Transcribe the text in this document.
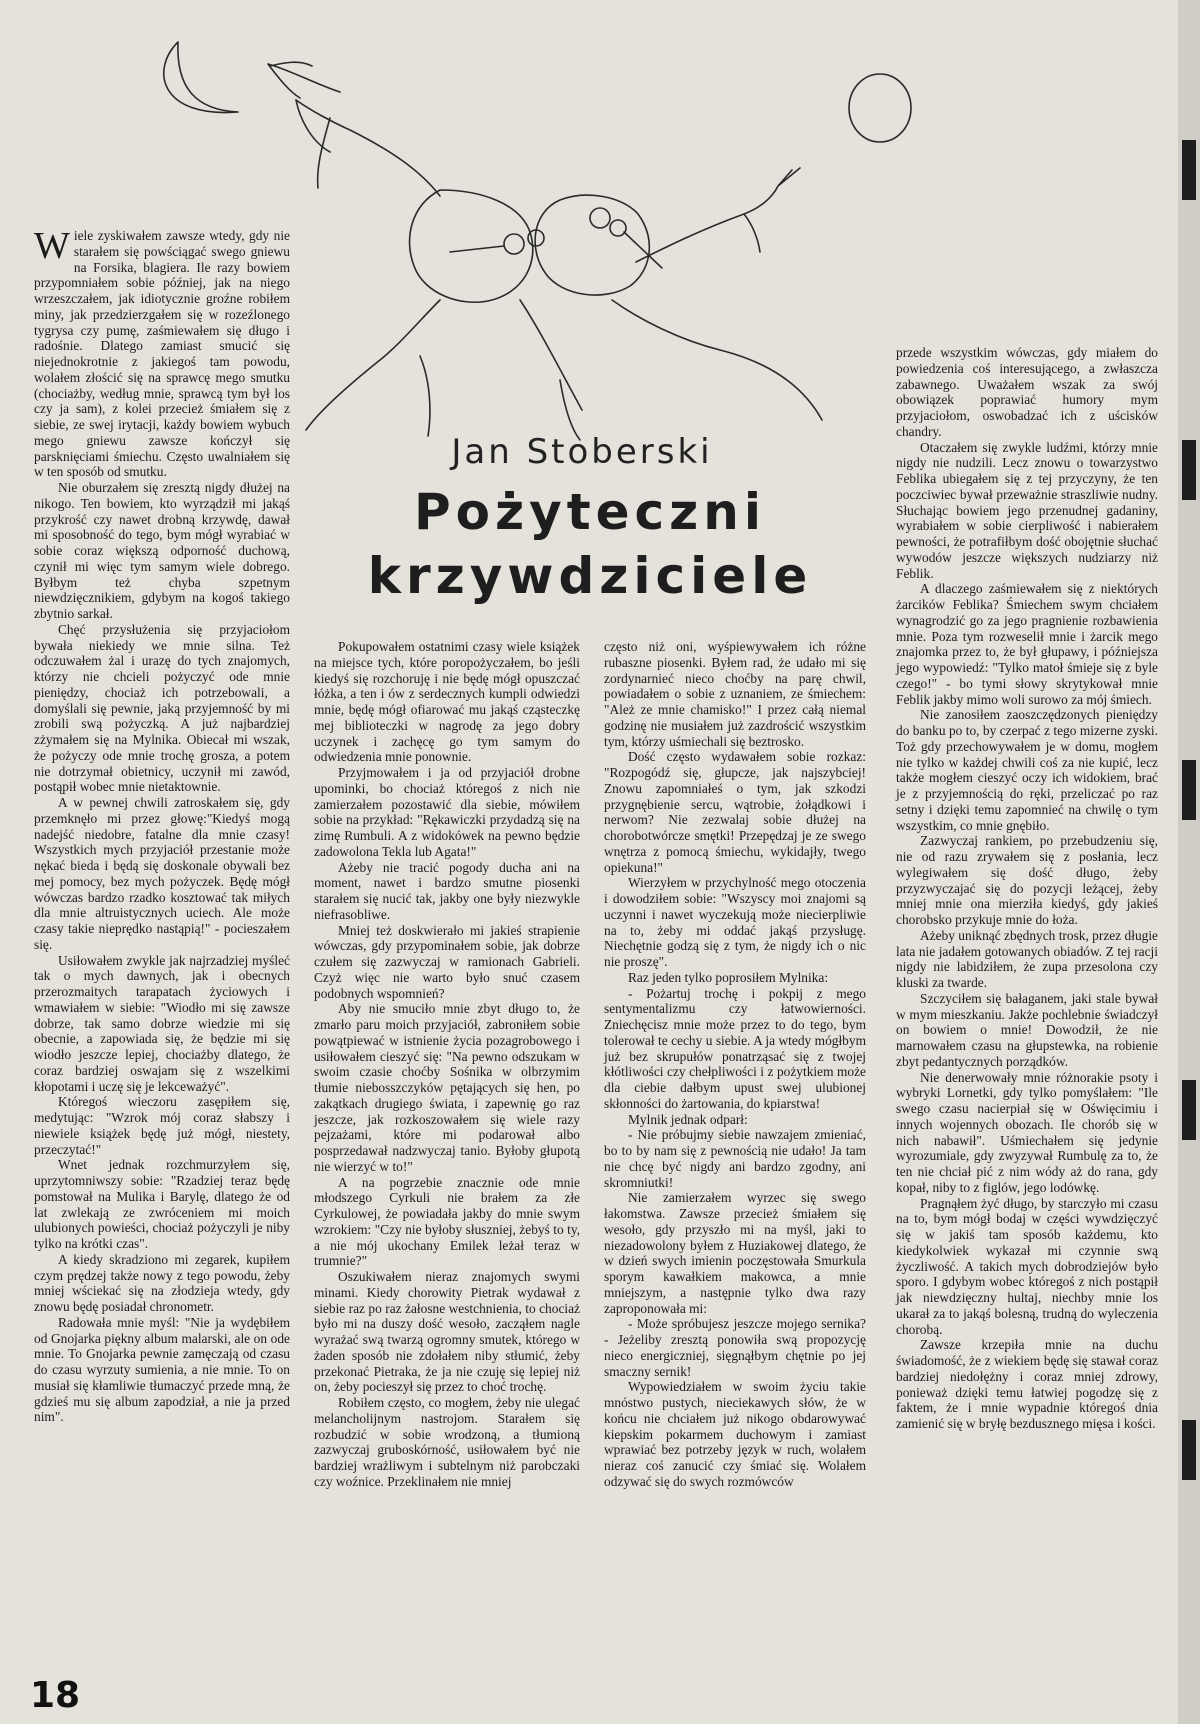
Jan Stoberski
Pożyteczni
krzywdziciele

Wiele zyskiwałem zawsze wtedy, gdy nie starałem się powściągać swego gniewu na Forsika, blagiera. Ile razy bowiem przypomniałem sobie później, jak na niego wrzeszczałem, jak idiotycznie groźne robiłem miny, jak przedzierzgałem się w rozeźlonego tygrysa czy pumę, zaśmiewałem się długo i radośnie. Dlatego zamiast smucić się niejednokrotnie z jakiegoś tam powodu, wolałem złościć się na sprawcę mego smutku (chociażby, według mnie, sprawcą tym był los czy ja sam), z kolei przecież śmiałem się z siebie, ze swej irytacji, każdy bowiem wybuch mego gniewu zawsze kończył się parsknięciami śmiechu. Często uwalniałem się w ten sposób od smutku.

Nie oburzałem się zresztą nigdy dłużej na nikogo. Ten bowiem, kto wyrządził mi jakąś przykrość czy nawet drobną krzywdę, dawał mi sposobność do tego, bym mógł wyrabiać w sobie coraz większą odporność duchową, czynił mi więc tym samym wiele dobrego. Byłbym też chyba szpetnym niewdzięcznikiem, gdybym na kogoś takiego zbytnio sarkał.

Chęć przysłużenia się przyjaciołom bywała niekiedy we mnie silna. Też odczuwałem żal i urazę do tych znajomych, którzy nie chcieli pożyczyć ode mnie pieniędzy, chociaż ich potrzebowali, a domyślali się pewnie, jaką przyjemność by mi zrobili swą pożyczką. A już najbardziej zżymałem się na Mylnika. Obiecał mi wszak, że pożyczy ode mnie trochę grosza, a potem nie dotrzymał obietnicy, uczynił mi zawód, postąpił wobec mnie nietaktownie.

A w pewnej chwili zatroskałem się, gdy przemknęło mi przez głowę:"Kiedyś mogą nadejść niedobre, fatalne dla mnie czasy! Wszystkich mych przyjaciół przestanie może nękać bieda i będą się doskonale obywali bez mej pomocy, bez mych pożyczek. Będę mógł wówczas bardzo rzadko kosztować tak miłych dla mnie altruistycznych uciech. Ale może czasy takie nieprędko nastąpią!" - pocieszałem się.

Usiłowałem zwykle jak najrzadziej myśleć tak o mych dawnych, jak i obecnych przerozmaitych tarapatach życiowych i wmawiałem w siebie: "Wiodło mi się zawsze dobrze, tak samo dobrze wiedzie mi się obecnie, a zapowiada się, że będzie mi się wiodło jeszcze lepiej, chociażby dlatego, że coraz bardziej oswajam się z wszelkimi kłopotami i uczę się je lekceważyć".

Któregoś wieczoru zasępiłem się, medytując: "Wzrok mój coraz słabszy i niewiele książek będę już mógł, niestety, przeczytać!"

Wnet jednak rozchmurzyłem się, uprzytomniwszy sobie: "Rzadziej teraz będę pomstował na Mulika i Barylę, dlatego że od lat zwlekają ze zwróceniem mi moich ulubionych powieści, chociaż pożyczyli je niby tylko na krótki czas".

A kiedy skradziono mi zegarek, kupiłem czym prędzej także nowy z tego powodu, żeby mniej wściekać się na złodzieja wtedy, gdy znowu będę posiadał chronometr.

Radowała mnie myśl: "Nie ja wydębiłem od Gnojarka piękny album malarski, ale on ode mnie. To Gnojarka pewnie zamęczają od czasu do czasu wyrzuty sumienia, a nie mnie. To on musiał się kłamliwie tłumaczyć przede mną, że gdzieś mu się album zapodział, a nie ja przed nim".

Pokupowałem ostatnimi czasy wiele książek na miejsce tych, które poropożyczałem, bo jeśli kiedyś się rozchoruję i nie będę mógł opuszczać łóżka, a ten i ów z serdecznych kumpli odwiedzi mnie, będę mógł ofiarować mu jakąś cząsteczkę mej biblioteczki w nagrodę za jego dobry uczynek i zachęcę go tym samym do odwiedzenia mnie ponownie.

Przyjmowałem i ja od przyjaciół drobne upominki, bo chociaż któregoś z nich nie zamierzałem pozostawić dla siebie, mówiłem sobie na przykład: "Rękawiczki przydadzą się na zimę Rumbuli. A z widokówek na pewno będzie zadowolona Tekla lub Agata!"

Ażeby nie tracić pogody ducha ani na moment, nawet i bardzo smutne piosenki starałem się nucić tak, jakby one były niezwykle niefrasobliwe.

Mniej też doskwierało mi jakieś strapienie wówczas, gdy przypominałem sobie, jak dobrze czułem się zazwyczaj w ramionach Gabrieli. Czyż więc nie warto było snuć czasem podobnych wspomnień?

Aby nie smuciło mnie zbyt długo to, że zmarło paru moich przyjaciół, zabroniłem sobie powątpiewać w istnienie życia pozagrobowego i usiłowałem cieszyć się: "Na pewno odszukam w swoim czasie choćby Sośnika w olbrzymim tłumie niebosszczyków pętających się hen, po zakątkach drugiego świata, i zapewnię go raz jeszcze, jak rozkoszowałem się wiele razy pejzażami, które mi podarował albo posprzedawał nadzwyczaj tanio. Byłoby głupotą nie wierzyć w to!"

A na pogrzebie znacznie ode mnie młodszego Cyrkuli nie brałem za złe Cyrkulowej, że powiadała jakby do mnie swym wzrokiem: "Czy nie byłoby słuszniej, żebyś to ty, a nie mój ukochany Emilek leżał teraz w trumnie?"

Oszukiwałem nieraz znajomych swymi minami. Kiedy chorowity Pietrak wydawał z siebie raz po raz żałosne westchnienia, to chociaż było mi na duszy dość wesoło, zacząłem nagle wyrażać swą twarzą ogromny smutek, którego w żaden sposób nie zdołałem niby stłumić, żeby przekonać Pietraka, że ja nie czuję się lepiej niż on, żeby pocieszył się przez to choć trochę.

Robiłem często, co mogłem, żeby nie ulegać melancholijnym nastrojom. Starałem się rozbudzić w sobie wrodzoną, a tłumioną zazwyczaj gruboskórność, usiłowałem być nie bardziej wrażliwym i subtelnym niż parobczaki czy woźnice. Przeklinałem nie mniej

często niż oni, wyśpiewywałem ich różne rubaszne piosenki. Byłem rad, że udało mi się zordynarnieć nieco choćby na parę chwil, powiadałem o sobie z uznaniem, ze śmiechem: "Ależ ze mnie chamisko!" I przez całą niemal godzinę nie musiałem już zazdrościć wszystkim tym, którzy uśmiechali się beztrosko.

Dość często wydawałem sobie rozkaz: "Rozpogódź się, głupcze, jak najszybciej! Znowu zapomniałeś o tym, jak szkodzi przygnębienie sercu, wątrobie, żołądkowi i nerwom? Nie zezwalaj sobie dłużej na chorobotwórcze smętki! Przepędzaj je ze swego wnętrza z pomocą śmiechu, wykidajły, twego opiekuna!"

Wierzyłem w przychylność mego otoczenia i dowodziłem sobie: "Wszyscy moi znajomi są uczynni i nawet wyczekują może niecierpliwie na to, żeby mi oddać jakąś przysługę. Niechętnie godzą się z tym, że nigdy ich o nic nie proszę".

Raz jeden tylko poprosiłem Mylnika:

- Pożartuj trochę i pokpij z mego sentymentalizmu czy łatwowierności. Zniechęcisz mnie może przez to do tego, bym tolerował te cechy u siebie. A ja wtedy mógłbym już bez skrupułów ponatrząsać się z twojej kłótliwości czy chełpliwości i z pożytkiem może dla ciebie dałbym upust swej ulubionej skłonności do żartowania, do kpiarstwa!

Mylnik jednak odparł:

- Nie próbujmy siebie nawzajem zmieniać, bo to by nam się z pewnością nie udało! Ja tam nie chcę być nigdy ani bardzo zgodny, ani skromniutki!

Nie zamierzałem wyrzec się swego łakomstwa. Zawsze przecież śmiałem się wesoło, gdy przyszło mi na myśl, jaki to niezadowolony byłem z Huziakowej dlatego, że w dzień swych imienin poczęstowała Smurkula sporym kawałkiem makowca, a mnie mniejszym, a następnie tylko dwa razy zaproponowała mi:

- Może spróbujesz jeszcze mojego sernika? - Jeżeliby zresztą ponowiła swą propozycję nieco energiczniej, sięgnąłbym chętnie po jej smaczny sernik!

Wypowiedziałem w swoim życiu takie mnóstwo pustych, nieciekawych słów, że w końcu nie chciałem już nikogo obdarowywać kiepskim pokarmem duchowym i zamiast wprawiać bez potrzeby język w ruch, wolałem nieraz coś zanucić czy śmiać się. Wolałem odzywać się do swych rozmówców

przede wszystkim wówczas, gdy miałem do powiedzenia coś interesującego, a zwłaszcza zabawnego. Uważałem wszak za swój obowiązek poprawiać humory mym przyjaciołom, oswobadzać ich z uścisków chandry.

Otaczałem się zwykle ludźmi, którzy mnie nigdy nie nudzili. Lecz znowu o towarzystwo Feblika ubiegałem się z tej przyczyny, że ten poczciwiec bywał przeważnie straszliwie nudny. Słuchając bowiem jego przenudnej gadaniny, wyrabiałem w sobie cierpliwość i nabierałem pewności, że potrafiłbym dość obojętnie słuchać wywodów jeszcze większych nudziarzy niż Feblik.

A dlaczego zaśmiewałem się z niektórych żarcików Feblika? Śmiechem swym chciałem wynagrodzić go za jego pragnienie rozbawienia mnie. Poza tym rozweselił mnie i żarcik mego znajomka przez to, że był głupawy, i późniejsza jego wypowiedź: "Tylko matoł śmieje się z byle czego!" - bo tymi słowy skrytykował mnie Feblik jakby mimo woli surowo za mój śmiech.

Nie zanosiłem zaoszczędzonych pieniędzy do banku po to, by czerpać z tego mizerne zyski. Toż gdy przechowywałem je w domu, mogłem nie tylko w każdej chwili coś za nie kupić, lecz także mogłem cieszyć oczy ich widokiem, brać je z przyjemnością do ręki, przeliczać po raz setny i dzięki temu zapomnieć na chwilę o tym wszystkim, co mnie gnębiło.

Zazwyczaj rankiem, po przebudzeniu się, nie od razu zrywałem się z posłania, lecz wylegiwałem się dość długo, żeby przyzwyczajać się do pozycji leżącej, żeby mniej mnie ona mierziła kiedyś, gdy jakieś chorobsko przykuje mnie do łoża.

Ażeby uniknąć zbędnych trosk, przez długie lata nie jadałem gotowanych obiadów. Z tej racji nigdy nie labidziłem, że zupa przesolona czy kluski za twarde.

Szczyciłem się bałaganem, jaki stale bywał w mym mieszkaniu. Jakże pochlebnie świadczył on bowiem o mnie! Dowodził, że nie marnowałem czasu na głupstewka, na robienie zbyt pedantycznych porządków.

Nie denerwowały mnie różnorakie psoty i wybryki Lornetki, gdy tylko pomyślałem: "Ile swego czasu nacierpiał się w Oświęcimiu i innych wojennych obozach. Ile chorób się w nich nabawił". Uśmiechałem się jedynie wyrozumiale, gdy zwyzywał Rumbulę za to, że ten nie chciał pić z nim wódy aż do rana, gdy kopał, niby to z figlów, jego lodówkę.

Pragnąłem żyć długo, by starczyło mi czasu na to, bym mógł bodaj w części wywdzięczyć się w jakiś tam sposób każdemu, kto kiedykolwiek wykazał mi czynnie swą życzliwość. A takich mych dobrodziejów było sporo. I gdybym wobec któregoś z nich postąpił jak niewdzięczny hultaj, niechby mnie los ukarał za to jakąś bolesną, trudną do wyleczenia chorobą.

Zawsze krzepiła mnie na duchu świadomość, że z wiekiem będę się stawał coraz bardziej niedołężny i coraz mniej zdrowy, ponieważ dzięki temu łatwiej pogodzę się z faktem, że i mnie wypadnie któregoś dnia zamienić się w bryłę bezdusznego mięsa i kości.

18
